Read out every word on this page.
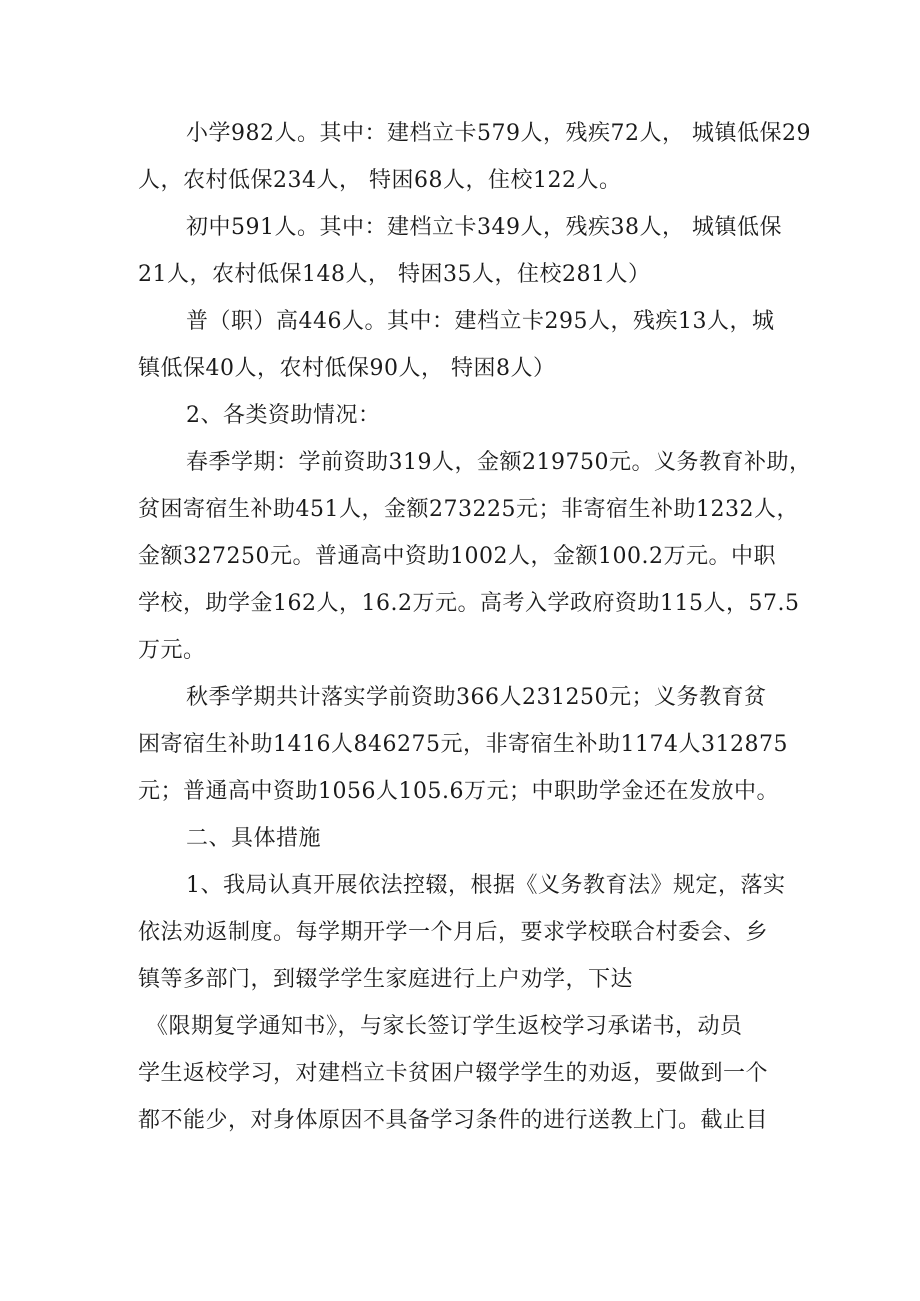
小学982人。其中：建档立卡579人，残疾72人， 城镇低保29
人，农村低保234人， 特困68人，住校122人。
初中591人。其中：建档立卡349人，残疾38人， 城镇低保
21人，农村低保148人， 特困35人，住校281人）
普（职）高446人。其中：建档立卡295人，残疾13人，城
镇低保40人，农村低保90人， 特困8人）
2、各类资助情况：
春季学期：学前资助319人，金额219750元。义务教育补助，
贫困寄宿生补助451人，金额273225元；非寄宿生补助1232人，
金额327250元。普通高中资助1002人，金额100.2万元。中职
学校，助学金162人，16.2万元。高考入学政府资助115人，57.5
万元。
秋季学期共计落实学前资助366人231250元；义务教育贫
困寄宿生补助1416人846275元，非寄宿生补助1174人312875
元；普通高中资助1056人105.6万元；中职助学金还在发放中。
二、具体措施
1、我局认真开展依法控辍，根据《义务教育法》规定，落实
依法劝返制度。每学期开学一个月后，要求学校联合村委会、乡
镇等多部门，到辍学学生家庭进行上户劝学，下达
《限期复学通知书》，与家长签订学生返校学习承诺书，动员
学生返校学习，对建档立卡贫困户辍学学生的劝返，要做到一个
都不能少，对身体原因不具备学习条件的进行送教上门。截止目
